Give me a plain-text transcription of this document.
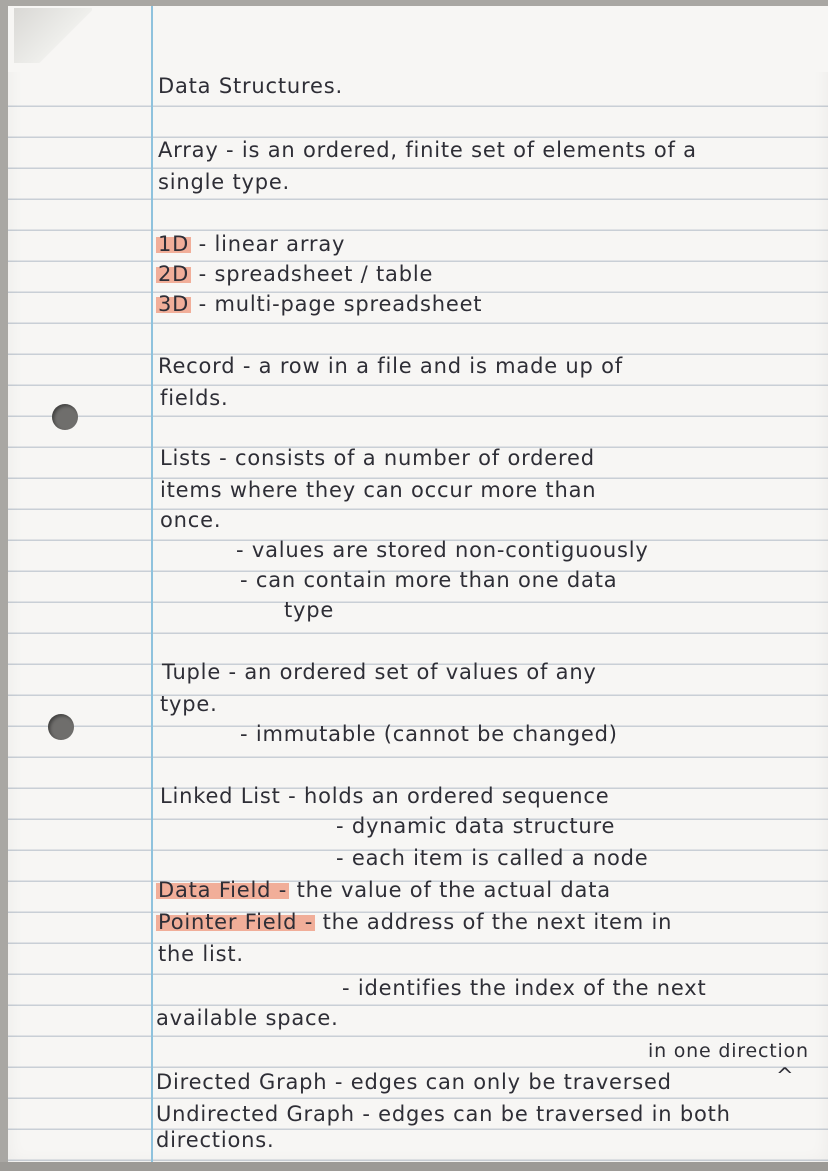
Data Structures.
Array - is an ordered, finite set of elements of a
single type.
1D - linear array
2D - spreadsheet / table
3D - multi-page spreadsheet
Record - a row in a file and is made up of
fields.
Lists - consists of a number of ordered
items where they can occur more than
once.
- values are stored non-contiguously
- can contain more than one data
type
Tuple - an ordered set of values of any
type.
- immutable (cannot be changed)
Linked List - holds an ordered sequence
- dynamic data structure
- each item is called a node
Data Field - the value of the actual data
Pointer Field - the address of the next item in
the list.
- identifies the index of the next
available space.
in one direction
^
Directed Graph - edges can only be traversed
Undirected Graph - edges can be traversed in both
directions.
